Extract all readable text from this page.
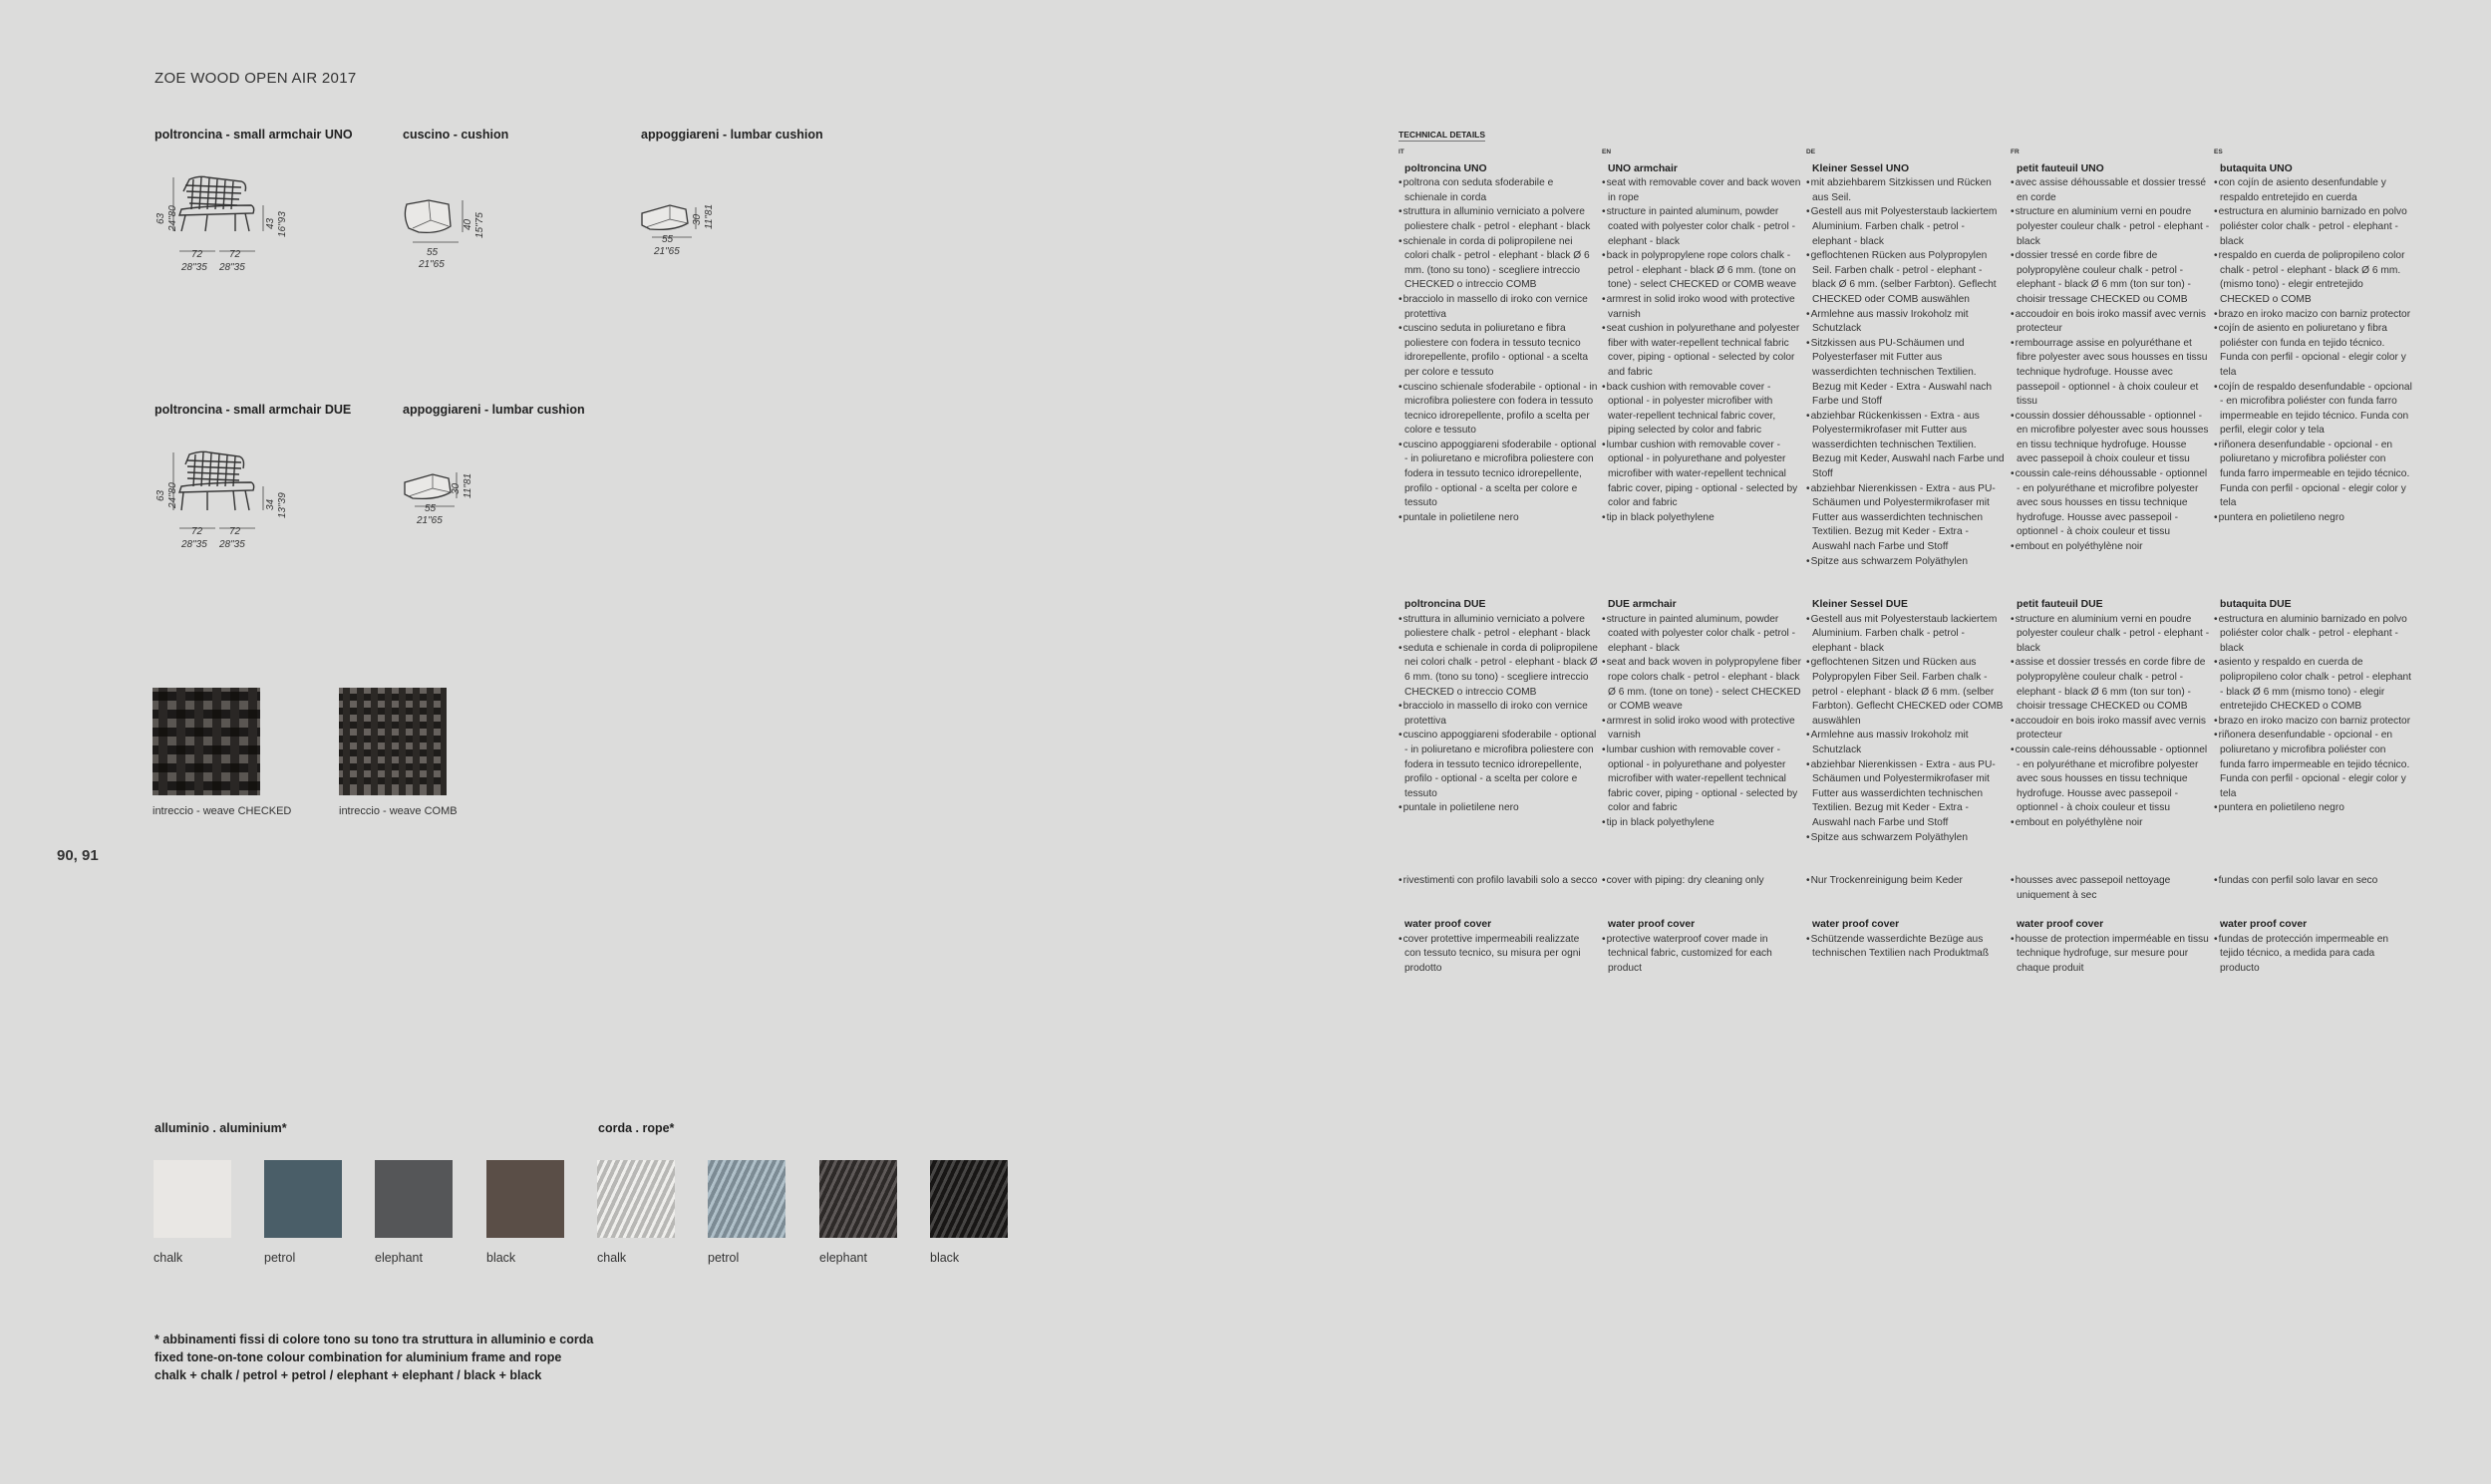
ZOE WOOD OPEN AIR 2017
poltroncina - small armchair UNO	cuscino - cushion	appoggiareni - lumbar cushion
poltroncina - small armchair DUE	appoggiareni - lumbar cushion
63 24"80	43 16"93
72
28"35
72
28"35
40 15"75
55
21"65
30 11"81
55
21"65
63 24"80	34 13"39
72
28"35
72
28"35
30 11"81
55
21"65
intreccio - weave CHECKED	intreccio - weave COMB
90, 91
alluminio . aluminium*	corda . rope*
chalk	petrol	elephant	black	chalk	petrol	elephant	black
* abbinamenti fissi di colore tono su tono tra struttura in alluminio e corda
fixed tone-on-tone colour combination for aluminium frame and rope
chalk + chalk / petrol + petrol / elephant + elephant / black + black
TECHNICAL DETAILS
IT
poltroncina UNO
• poltrona con seduta sfoderabile e schienale in corda
• struttura in alluminio verniciato a polvere poliestere chalk - petrol - elephant - black
• schienale in corda di polipropilene nei colori chalk - petrol - elephant - black Ø 6 mm. (tono su tono) - scegliere intreccio CHECKED o intreccio COMB
• bracciolo in massello di iroko con vernice protettiva
• cuscino seduta in poliuretano e fibra poliestere con fodera in tessuto tecnico idrorepellente, profilo - optional - a scelta per colore e tessuto
• cuscino schienale sfoderabile - optional - in microfibra poliestere con fodera in tessuto tecnico idrorepellente, profilo a scelta per colore e tessuto
• cuscino appoggiareni sfoderabile - optional - in poliuretano e microfibra poliestere con fodera in tessuto tecnico idrorepellente, profilo - optional - a scelta per colore e tessuto
• puntale in polietilene nero
poltroncina DUE
• struttura in alluminio verniciato a polvere poliestere chalk - petrol - elephant - black
• seduta e schienale in corda di polipropilene nei colori chalk - petrol - elephant - black Ø 6 mm. (tono su tono) - scegliere intreccio CHECKED o intreccio COMB
• bracciolo in massello di iroko con vernice protettiva
• cuscino appoggiareni sfoderabile - optional - in poliuretano e microfibra poliestere con fodera in tessuto tecnico idrorepellente, profilo - optional - a scelta per colore e tessuto
• puntale in polietilene nero
• rivestimenti con profilo lavabili solo a secco
water proof cover
• cover protettive impermeabili realizzate con tessuto tecnico, su misura per ogni prodotto
EN
UNO armchair
• seat with removable cover and back woven in rope
• structure in painted aluminum, powder coated with polyester color chalk - petrol - elephant - black
• back in polypropylene rope colors chalk - petrol - elephant - black Ø 6 mm. (tone on tone) - select CHECKED or COMB weave
• armrest in solid iroko wood with protective varnish
• seat cushion in polyurethane and polyester fiber with water-repellent technical fabric cover, piping - optional - selected by color and fabric
• back cushion with removable cover - optional - in polyester microfiber with water-repellent technical fabric cover, piping selected by color and fabric
• lumbar cushion with removable cover - optional - in polyurethane and polyester microfiber with water-repellent technical fabric cover, piping - optional - selected by color and fabric
• tip in black polyethylene
DUE armchair
• structure in painted aluminum, powder coated with polyester color chalk - petrol - elephant - black
• seat and back woven in polypropylene fiber rope colors chalk - petrol - elephant - black Ø 6 mm. (tone on tone) - select CHECKED or COMB weave
• armrest in solid iroko wood with protective varnish
• lumbar cushion with removable cover - optional - in polyurethane and polyester microfiber with water-repellent technical fabric cover, piping - optional - selected by color and fabric
• tip in black polyethylene
• cover with piping: dry cleaning only
water proof cover
• protective waterproof cover made in technical fabric, customized for each product
DE
Kleiner Sessel UNO
• mit abziehbarem Sitzkissen und Rücken aus Seil.
• Gestell aus mit Polyesterstaub lackiertem Aluminium. Farben chalk - petrol - elephant - black
• geflochtenen Rücken aus Polypropylen Seil. Farben chalk - petrol - elephant - black Ø 6 mm. (selber Farbton). Geflecht CHECKED oder COMB auswählen
• Armlehne aus massiv Irokoholz mit Schutzlack
• Sitzkissen aus PU-Schäumen und Polyesterfaser mit Futter aus wasserdichten technischen Textilien. Bezug mit Keder - Extra - Auswahl nach Farbe und Stoff
• abziehbar Rückenkissen - Extra - aus Polyestermikrofaser mit Futter aus wasserdichten technischen Textilien. Bezug mit Keder, Auswahl nach Farbe und Stoff
• abziehbar Nierenkissen - Extra - aus PU-Schäumen und Polyestermikrofaser mit Futter aus wasserdichten technischen Textilien. Bezug mit Keder - Extra - Auswahl nach Farbe und Stoff
• Spitze aus schwarzem Polyäthylen
Kleiner Sessel DUE
• Gestell aus mit Polyesterstaub lackiertem Aluminium. Farben chalk - petrol - elephant - black
• geflochtenen Sitzen und Rücken aus Polypropylen Fiber Seil. Farben chalk - petrol - elephant - black Ø 6 mm. (selber Farbton). Geflecht CHECKED oder COMB auswählen
• Armlehne aus massiv Irokoholz mit Schutzlack
• abziehbar Nierenkissen - Extra - aus PU-Schäumen und Polyestermikrofaser mit Futter aus wasserdichten technischen Textilien. Bezug mit Keder - Extra - Auswahl nach Farbe und Stoff
• Spitze aus schwarzem Polyäthylen
• Nur Trockenreinigung beim Keder
water proof cover
• Schützende wasserdichte Bezüge aus technischen Textilien nach Produktmaß
FR
petit fauteuil UNO
• avec assise déhoussable et dossier tressé en corde
• structure en aluminium verni en poudre polyester couleur chalk - petrol - elephant - black
• dossier tressé en corde fibre de polypropylène couleur chalk - petrol - elephant - black Ø 6 mm (ton sur ton) - choisir tressage CHECKED ou COMB
• accoudoir en bois iroko massif avec vernis protecteur
• rembourrage assise en polyuréthane et fibre polyester avec sous housses en tissu technique hydrofuge. Housse avec passepoil - optionnel - à choix couleur et tissu
• coussin dossier déhoussable - optionnel - en microfibre polyester avec sous housses en tissu technique hydrofuge. Housse avec passepoil à choix couleur et tissu
• coussin cale-reins déhoussable - optionnel - en polyuréthane et microfibre polyester avec sous housses en tissu technique hydrofuge. Housse avec passepoil - optionnel - à choix couleur et tissu
• embout en polyéthylène noir
petit fauteuil DUE
• structure en aluminium verni en poudre polyester couleur chalk - petrol - elephant - black
• assise et dossier tressés en corde fibre de polypropylène couleur chalk - petrol - elephant - black Ø 6 mm (ton sur ton) - choisir tressage CHECKED ou COMB
• accoudoir en bois iroko massif avec vernis protecteur
• coussin cale-reins déhoussable - optionnel - en polyuréthane et microfibre polyester avec sous housses en tissu technique hydrofuge. Housse avec passepoil - optionnel - à choix couleur et tissu
• embout en polyéthylène noir
• housses avec passepoil nettoyage uniquement à sec
water proof cover
• housse de protection imperméable en tissu technique hydrofuge, sur mesure pour chaque produit
ES
butaquita UNO
• con cojín de asiento desenfundable y respaldo entretejido en cuerda
• estructura en aluminio barnizado en polvo poliéster color chalk - petrol - elephant - black
• respaldo en cuerda de polipropileno color chalk - petrol - elephant - black Ø 6 mm. (mismo tono) - elegir entretejido CHECKED o COMB
• brazo en iroko macizo con barniz protector
• cojín de asiento en poliuretano y fibra poliéster con funda en tejido técnico. Funda con perfil - opcional - elegir color y tela
• cojín de respaldo desenfundable - opcional - en microfibra poliéster con funda farro impermeable en tejido técnico. Funda con perfil, elegir color y tela
• riñonera desenfundable - opcional - en poliuretano y microfibra poliéster con funda farro impermeable en tejido técnico. Funda con perfil - opcional - elegir color y tela
• puntera en polietileno negro
butaquita DUE
• estructura en aluminio barnizado en polvo poliéster color chalk - petrol - elephant - black
• asiento y respaldo en cuerda de polipropileno color chalk - petrol - elephant - black Ø 6 mm (mismo tono) - elegir entretejido CHECKED o COMB
• brazo en iroko macizo con barniz protector
• riñonera desenfundable - opcional - en poliuretano y microfibra poliéster con funda farro impermeable en tejido técnico. Funda con perfil - opcional - elegir color y tela
• puntera en polietileno negro
• fundas con perfil solo lavar en seco
water proof cover
• fundas de protección impermeable en tejido técnico, a medida para cada producto
